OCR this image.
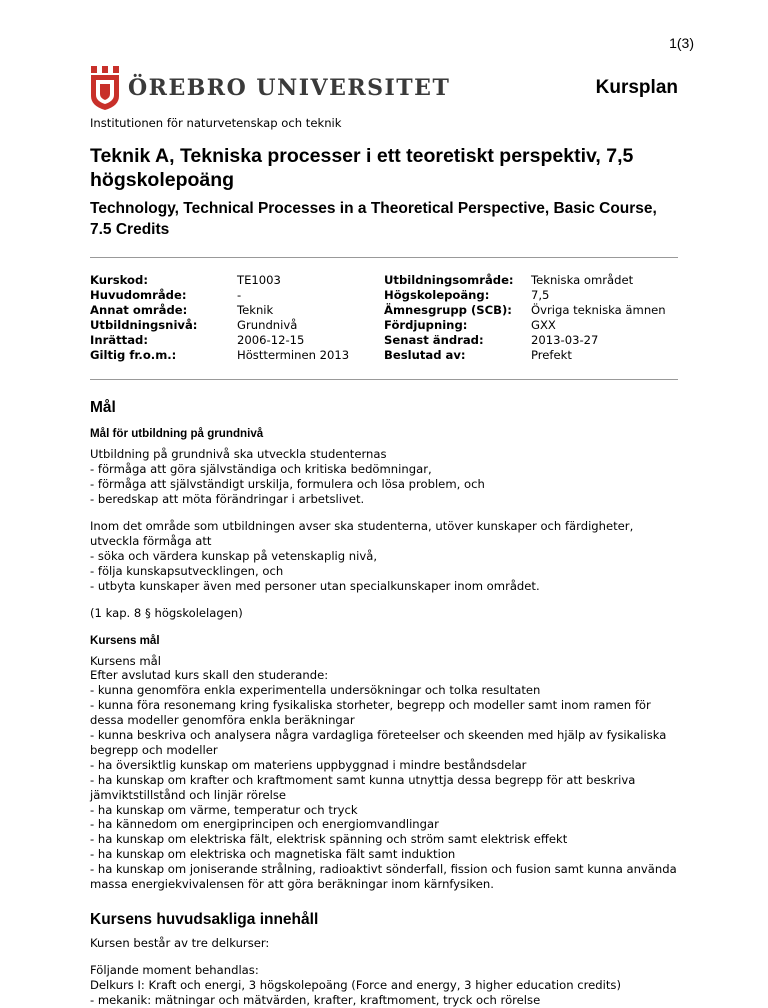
1(3)
ÖREBRO UNIVERSITET	Kursplan
Institutionen för naturvetenskap och teknik
Teknik A, Tekniska processer i ett teoretiskt perspektiv, 7,5 högskolepoäng
Technology, Technical Processes in a Theoretical Perspective, Basic Course, 7.5 Credits
Kurskod:	TE1003	Utbildningsområde:	Tekniska området
Huvudområde:	-	Högskolepoäng:	7,5
Annat område:	Teknik	Ämnesgrupp (SCB):	Övriga tekniska ämnen
Utbildningsnivå:	Grundnivå	Fördjupning:	GXX
Inrättad:	2006-12-15	Senast ändrad:	2013-03-27
Giltig fr.o.m.:	Höstterminen 2013	Beslutad av:	Prefekt
Mål
Mål för utbildning på grundnivå
Utbildning på grundnivå ska utveckla studenternas
- förmåga att göra självständiga och kritiska bedömningar,
- förmåga att självständigt urskilja, formulera och lösa problem, och
- beredskap att möta förändringar i arbetslivet.
Inom det område som utbildningen avser ska studenterna, utöver kunskaper och färdigheter, utveckla förmåga att
- söka och värdera kunskap på vetenskaplig nivå,
- följa kunskapsutvecklingen, och
- utbyta kunskaper även med personer utan specialkunskaper inom området.
(1 kap. 8 § högskolelagen)
Kursens mål
Kursens mål
Efter avslutad kurs skall den studerande:
- kunna genomföra enkla experimentella undersökningar och tolka resultaten
- kunna föra resonemang kring fysikaliska storheter, begrepp och modeller samt inom ramen för dessa modeller genomföra enkla beräkningar
- kunna beskriva och analysera några vardagliga företeelser och skeenden med hjälp av fysikaliska begrepp och modeller
- ha översiktlig kunskap om materiens uppbyggnad i mindre beståndsdelar
- ha kunskap om krafter och kraftmoment samt kunna utnyttja dessa begrepp för att beskriva jämviktstillstånd och linjär rörelse
- ha kunskap om värme, temperatur och tryck
- ha kännedom om energiprincipen och energiomvandlingar
- ha kunskap om elektriska fält, elektrisk spänning och ström samt elektrisk effekt
- ha kunskap om elektriska och magnetiska fält samt induktion
- ha kunskap om joniserande strålning, radioaktivt sönderfall, fission och fusion samt kunna använda massa energiekvivalensen för att göra beräkningar inom kärnfysiken.
Kursens huvudsakliga innehåll
Kursen består av tre delkurser:
Följande moment behandlas:
Delkurs I: Kraft och energi, 3 högskolepoäng (Force and energy, 3 higher education credits)
- mekanik: mätningar och mätvärden, krafter, kraftmoment, tryck och rörelse
